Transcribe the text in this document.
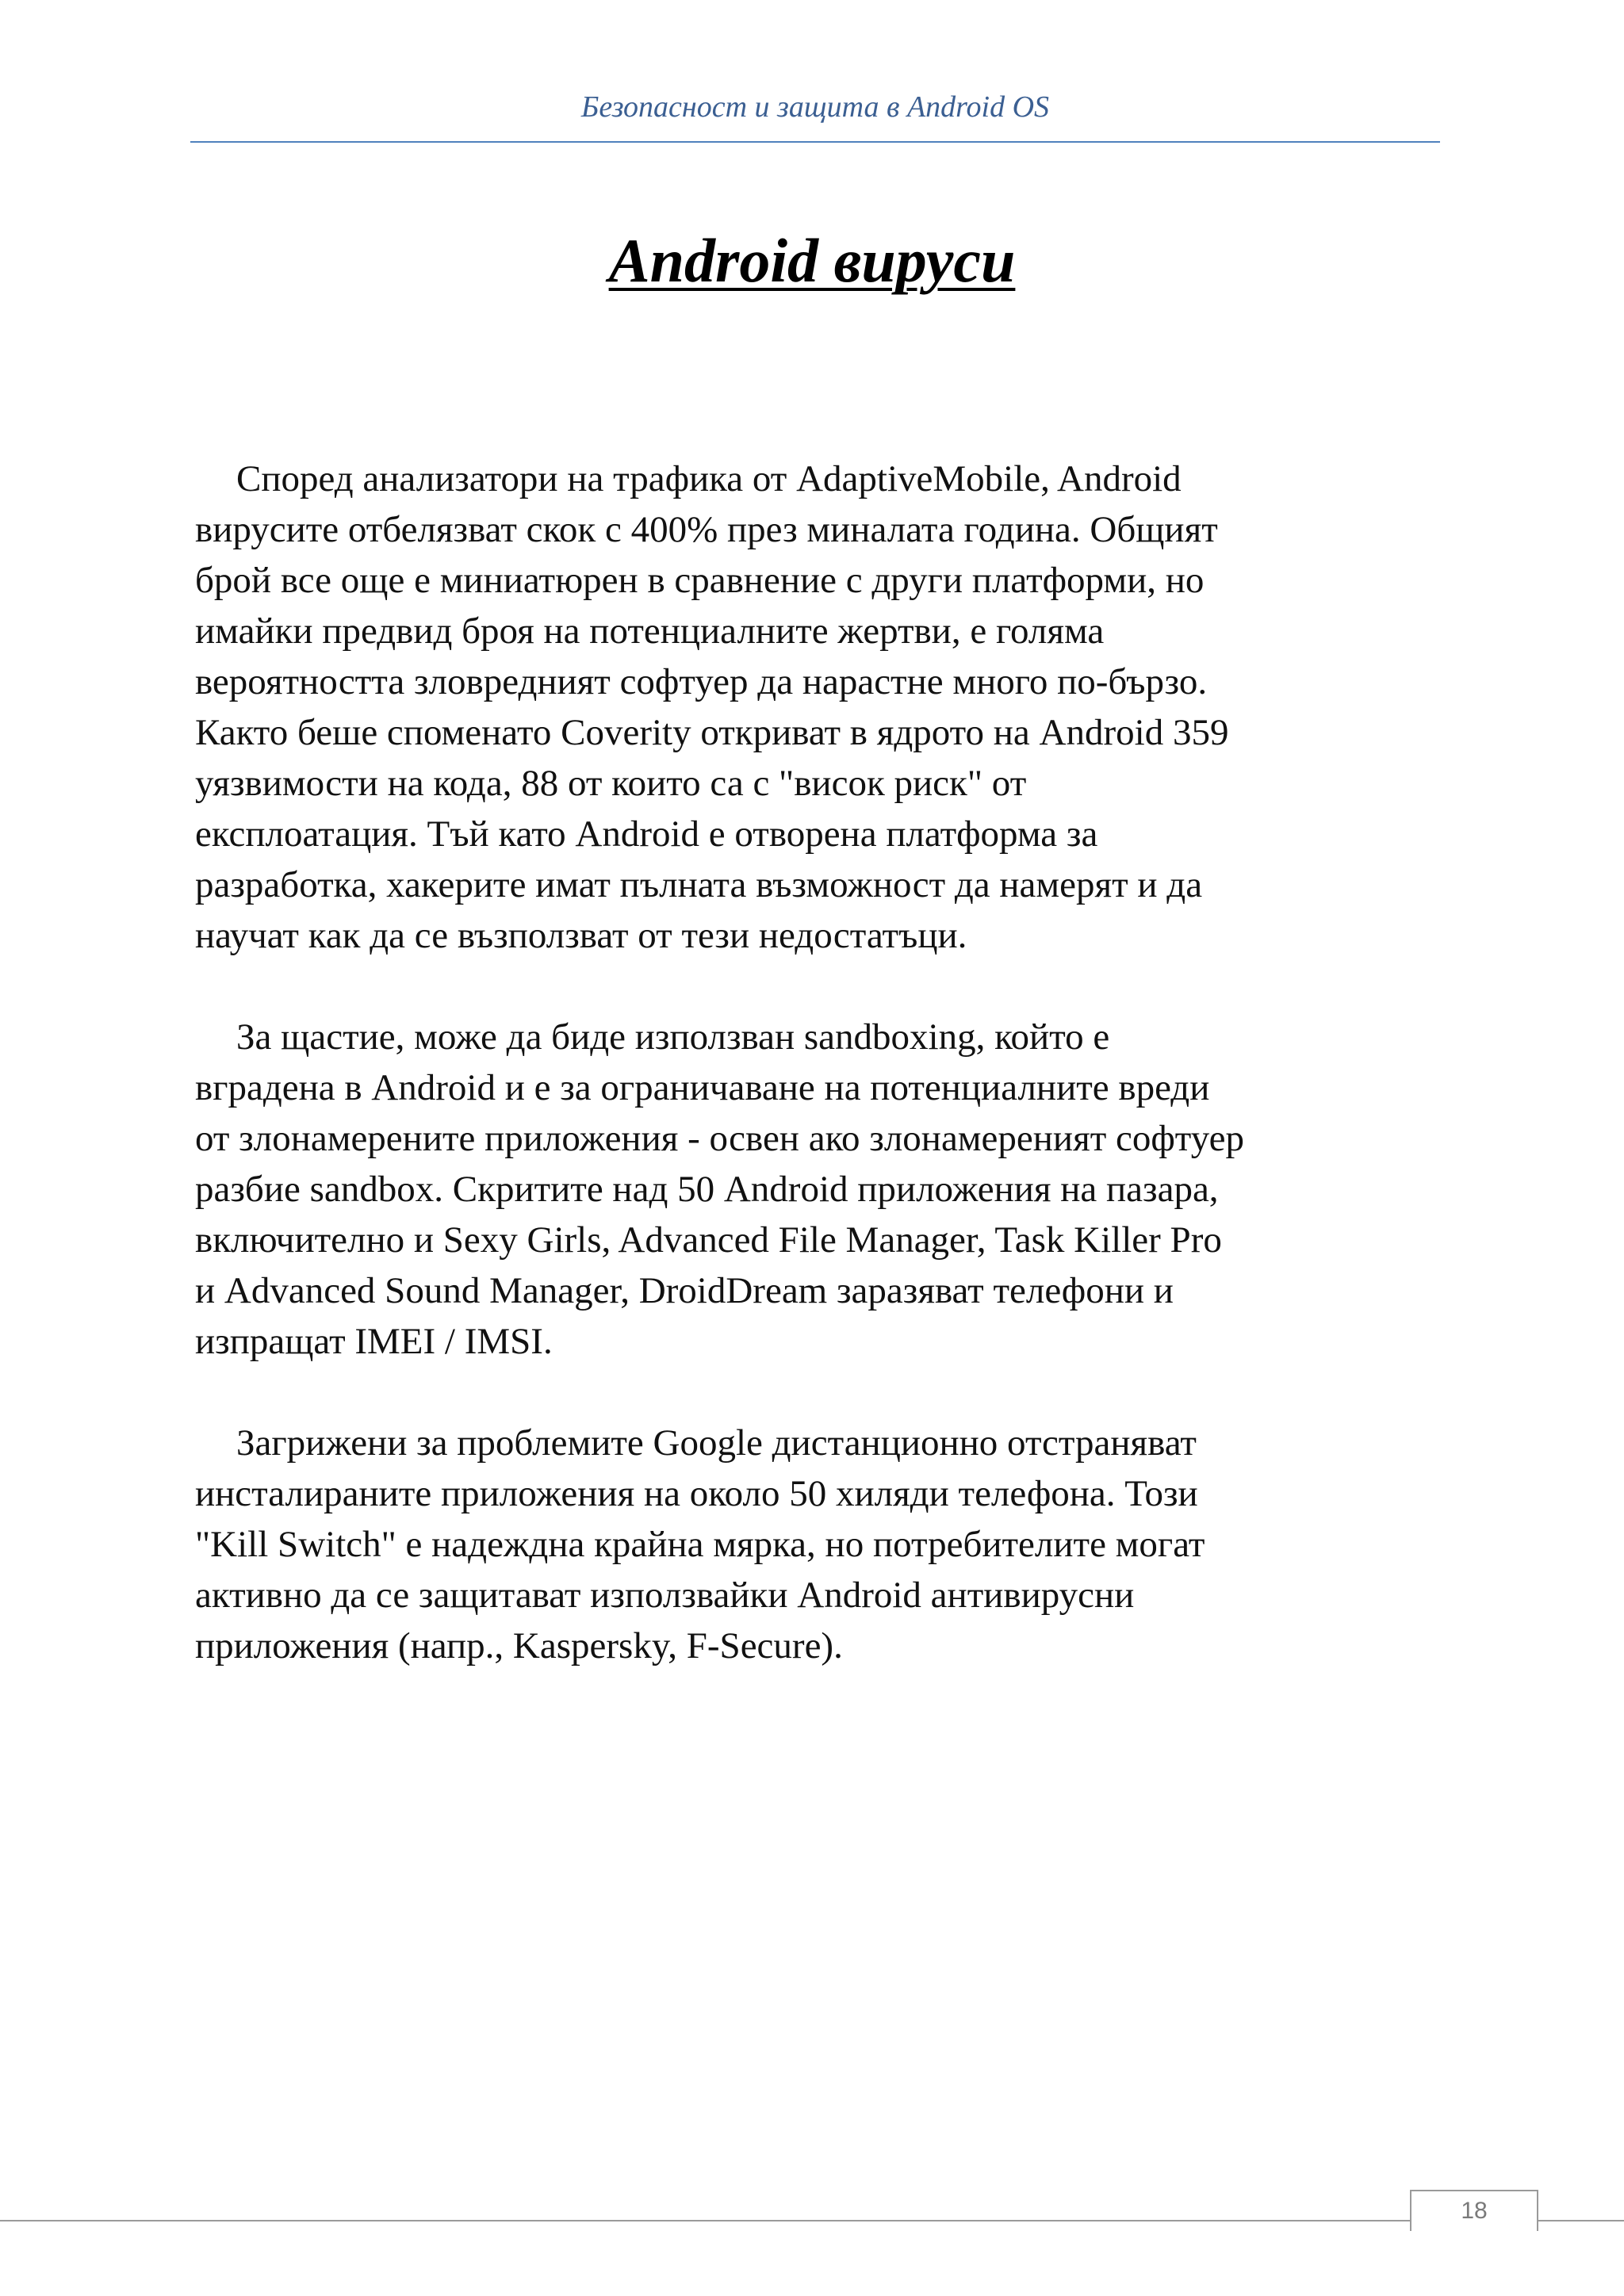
Безопасност и защита в Android OS
Android вируси

Според анализатори на трафика от AdaptiveMobile, Android
вирусите отбелязват скок с 400% през миналата година. Общият
брой все още е миниатюрен в сравнение с други платформи, но
имайки предвид броя на потенциалните жертви, е голяма
вероятността зловредният софтуер да нарастне много по-бързо.
Както беше споменато Coverity откриват в ядрото на Android 359
уязвимости на кода, 88 от които са с "висок риск" от
експлоатация. Тъй като Android е отворена платформа за
разработка, хакерите имат пълната възможност да намерят и да
научат как да се възползват от тези недостатъци.

За щастие, може да биде използван sandboxing, който е
вградена в Android и е за ограничаване на потенциалните вреди
от злонамерените приложения - освен ако злонамереният софтуер
разбие sandbox. Скритите над 50 Android приложения на пазара,
включително и Sexy Girls, Advanced File Manager, Task Killer Pro
и Advanced Sound Manager, DroidDream заразяват телефони и
изпращат IMEI / IMSI.

Загрижени за проблемите Google дистанционно отстраняват
инсталираните приложения на около 50 хиляди телефона. Този
"Kill Switch" е надеждна крайна мярка, но потребителите могат
активно да се защитават използвайки Android антивирусни
приложения (напр., Kaspersky, F-Secure).

18
